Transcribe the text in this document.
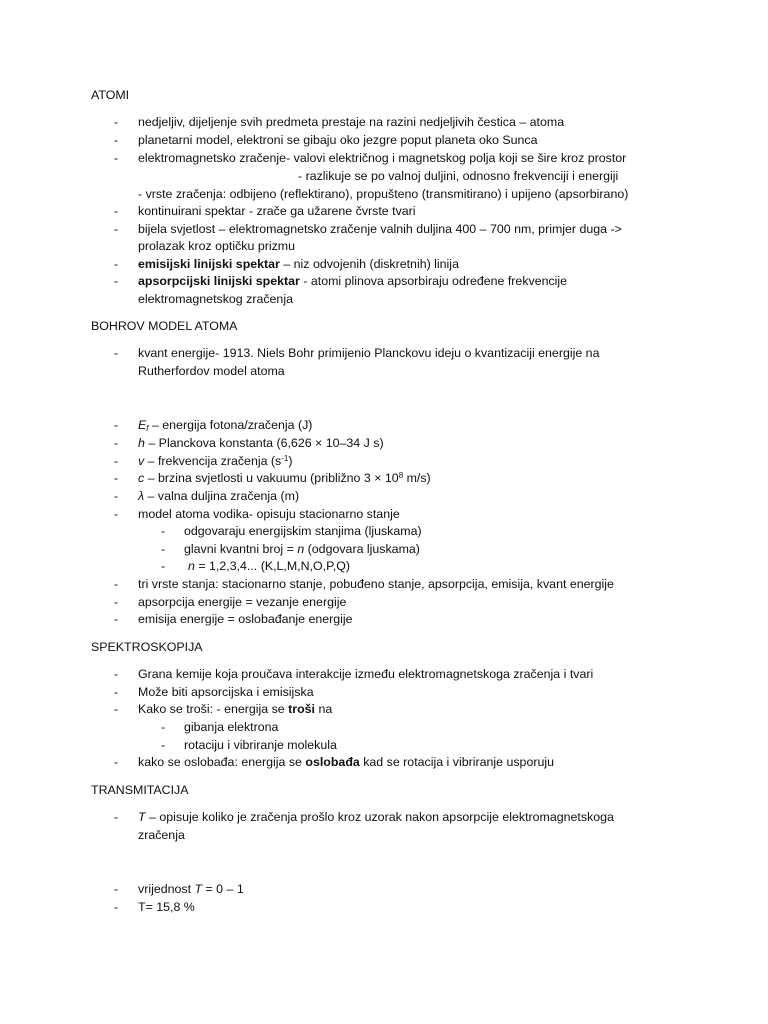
ATOMI
- nedjeljiv, dijeljenje svih predmeta prestaje na razini nedjeljivih čestica – atoma
- planetarni model, elektroni se gibaju oko jezgre poput planeta oko Sunca
- elektromagnetsko zračenje- valovi električnog i magnetskog polja koji se šire kroz prostor
- razlikuje se po valnoj duljini, odnosno frekvenciji i energiji
- vrste zračenja: odbijeno (reflektirano), propušteno (transmitirano) i upijeno (apsorbirano)
- kontinuirani spektar - zrače ga užarene čvrste tvari
- bijela svjetlost – elektromagnetsko zračenje valnih duljina 400 – 700 nm, primjer duga ->
prolazak kroz optičku prizmu
- emisijski linijski spektar – niz odvojenih (diskretnih) linija
- apsorpcijski linijski spektar - atomi plinova apsorbiraju određene frekvencije
elektromagnetskog zračenja
BOHROV MODEL ATOMA
- kvant energije- 1913. Niels Bohr primijenio Planckovu ideju o kvantizaciji energije na
Rutherfordov model atoma
- $E_f$ – energija fotona/zračenja (J)
- h – Planckova konstanta (6,626 × 10–34 J s)
- v – frekvencija zračenja $(s^{-1})$
- c – brzina svjetlosti u vakuumu (približno $3 \times 10^8$ m/s)
- λ – valna duljina zračenja (m)
- model atoma vodika- opisuju stacionarno stanje
- odgovaraju energijskim stanjima (ljuskama)
- glavni kvantni broj = n (odgovara ljuskama)
- n = 1,2,3,4... (K,L,M,N,O,P,Q)
- tri vrste stanja: stacionarno stanje, pobuđeno stanje, apsorpcija, emisija, kvant energije
- apsorpcija energije = vezanje energije
- emisija energije = oslobađanje energije
SPEKTROSKOPIJA
- Grana kemije koja proučava interakcije između elektromagnetskoga zračenja i tvari
- Može biti apsorcijska i emisijska
- Kako se troši: - energija se troši na
- gibanja elektrona
- rotaciju i vibriranje molekula
- kako se oslobađa: energija se oslobađa kad se rotacija i vibriranje usporuju
TRANSMITACIJA
- T – opisuje koliko je zračenja prošlo kroz uzorak nakon apsorpcije elektromagnetskoga
zračenja
- vrijednost T = 0 – 1
- T= 15,8 %
